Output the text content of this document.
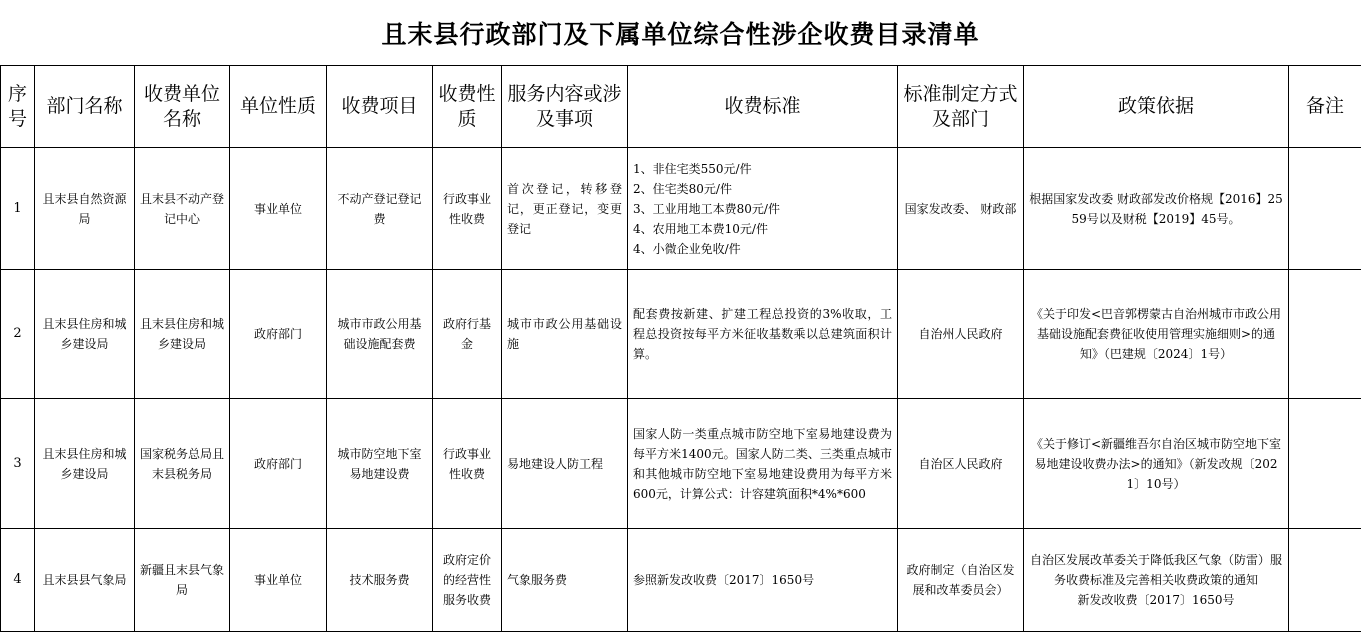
且末县行政部门及下属单位综合性涉企收费目录清单
序号	部门名称	收费单位名称	单位性质	收费项目	收费性质	服务内容或涉及事项	收费标准	标准制定方式及部门	政策依据	备注
1	且末县自然资源局	且末县不动产登记中心	事业单位	不动产登记登记费	行政事业性收费	首次登记，转移登记，更正登记，变更登记	1、非住宅类550元/件
2、住宅类80元/件
3、工业用地工本费80元/件
4、农用地工本费10元/件
4、小微企业免收/件	国家发改委、 财政部	根据国家发改委 财政部发改价格规【2016】2559号以及财税【2019】45号。	
2	且末县住房和城乡建设局	且末县住房和城乡建设局	政府部门	城市市政公用基础设施配套费	政府行基金	城市市政公用基础设施	配套费按新建、扩建工程总投资的3%收取，工程总投资按每平方米征收基数乘以总建筑面积计算。	自治州人民政府	《关于印发<巴音郭楞蒙古自治州城市市政公用基础设施配套费征收使用管理实施细则>的通知》（巴建规〔2024〕1号）	
3	且末县住房和城乡建设局	国家税务总局且末县税务局	政府部门	城市防空地下室易地建设费	行政事业性收费	易地建设人防工程	国家人防一类重点城市防空地下室易地建设费为每平方米1400元。国家人防二类、三类重点城市和其他城市防空地下室易地建设费用为每平方米600元，计算公式：计容建筑面积*4%*600	自治区人民政府	《关于修订<新疆维吾尔自治区城市防空地下室易地建设收费办法>的通知》（新发改规〔2021〕10号）	
4	且末县县气象局	新疆且末县气象局	事业单位	技术服务费	政府定价的经营性服务收费	气象服务费	参照新发改收费〔2017〕1650号	政府制定（自治区发展和改革委员会）	自治区发展改革委关于降低我区气象（防雷）服务收费标准及完善相关收费政策的通知
新发改收费〔2017〕1650号	
